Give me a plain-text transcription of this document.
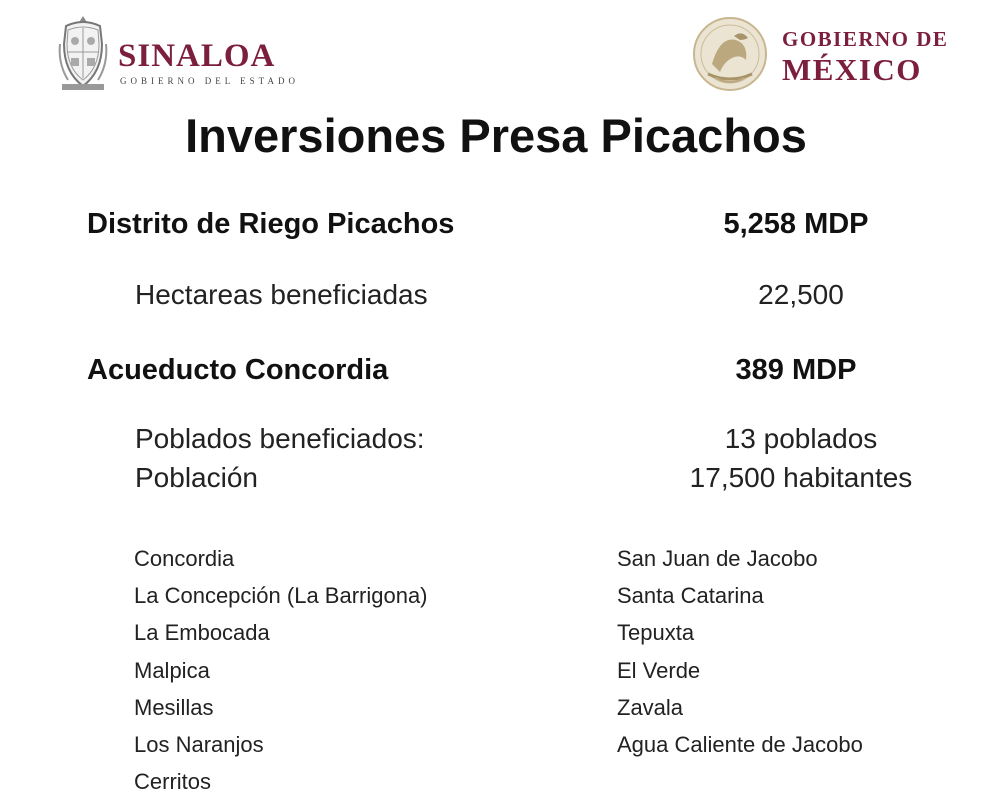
SINALOA
GOBIERNO DEL ESTADO
GOBIERNO DE
MÉXICO
Inversiones Presa Picachos
Distrito de Riego Picachos	5,258 MDP
Hectareas beneficiadas	22,500
Acueducto Concordia	389 MDP
Poblados beneficiados:	13 poblados
Población	17,500 habitantes
Concordia
La Concepción (La Barrigona)
La Embocada
Malpica
Mesillas
Los Naranjos
Cerritos
San Juan de Jacobo
Santa Catarina
Tepuxta
El Verde
Zavala
Agua Caliente de Jacobo
